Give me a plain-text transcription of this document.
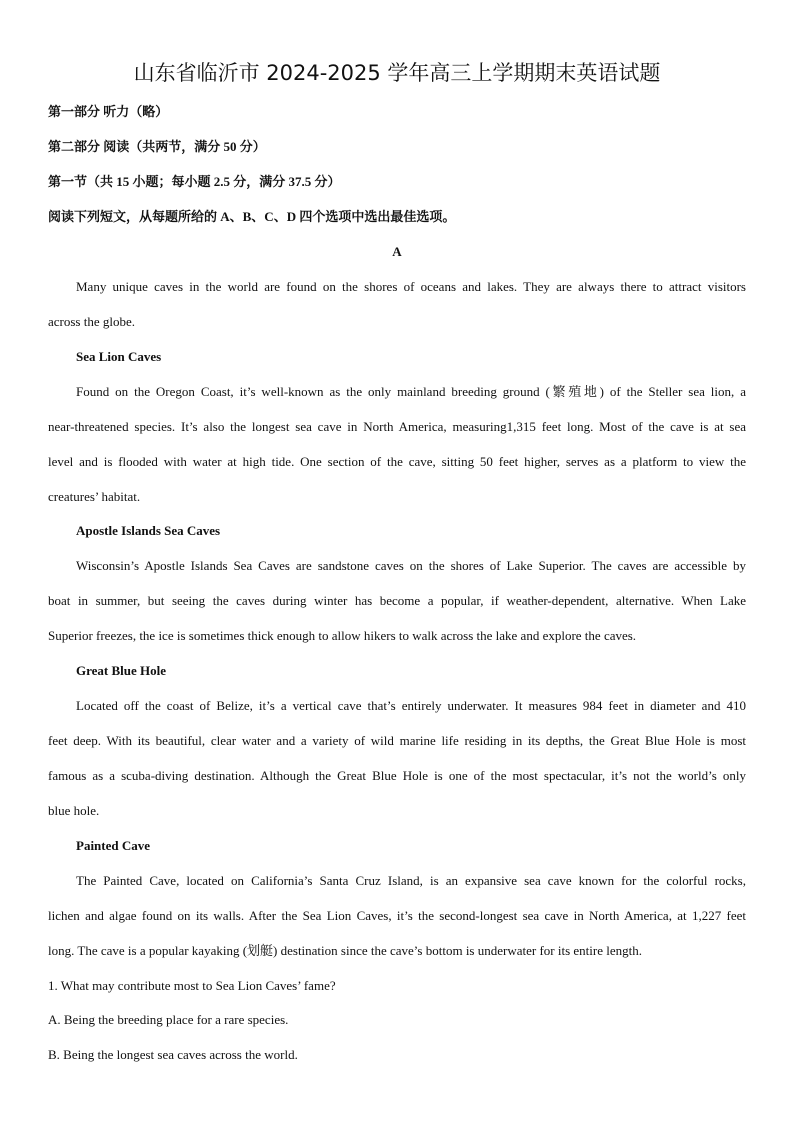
山东省临沂市 2024-2025 学年高三上学期期末英语试题
第一部分 听力（略）
第二部分 阅读（共两节，满分 50 分）
第一节（共 15 小题；每小题 2.5 分，满分 37.5 分）
阅读下列短文，从每题所给的 A、B、C、D 四个选项中选出最佳选项。
A
Many unique caves in the world are found on the shores of oceans and lakes. They are always there to attract visitors
across the globe.
Sea Lion Caves
Found on the Oregon Coast, it’s well-known as the only mainland breeding ground (繁殖地) of the Steller sea lion, a
near-threatened species. It’s also the longest sea cave in North America, measuring1,315 feet long. Most of the cave is at sea
level and is flooded with water at high tide. One section of the cave, sitting 50 feet higher, serves as a platform to view the
creatures’ habitat.
Apostle Islands Sea Caves
Wisconsin’s Apostle Islands Sea Caves are sandstone caves on the shores of Lake Superior. The caves are accessible by
boat in summer, but seeing the caves during winter has become a popular, if weather-dependent, alternative. When Lake
Superior freezes, the ice is sometimes thick enough to allow hikers to walk across the lake and explore the caves.
Great Blue Hole
Located off the coast of Belize, it’s a vertical cave that’s entirely underwater. It measures 984 feet in diameter and 410
feet deep. With its beautiful, clear water and a variety of wild marine life residing in its depths, the Great Blue Hole is most
famous as a scuba-diving destination. Although the Great Blue Hole is one of the most spectacular, it’s not the world’s only
blue hole.
Painted Cave
The Painted Cave, located on California’s Santa Cruz Island, is an expansive sea cave known for the colorful rocks,
lichen and algae found on its walls. After the Sea Lion Caves, it’s the second-longest sea cave in North America, at 1,227 feet
long. The cave is a popular kayaking (划艇) destination since the cave’s bottom is underwater for its entire length.
1. What may contribute most to Sea Lion Caves’ fame?
A. Being the breeding place for a rare species.
B. Being the longest sea caves across the world.
